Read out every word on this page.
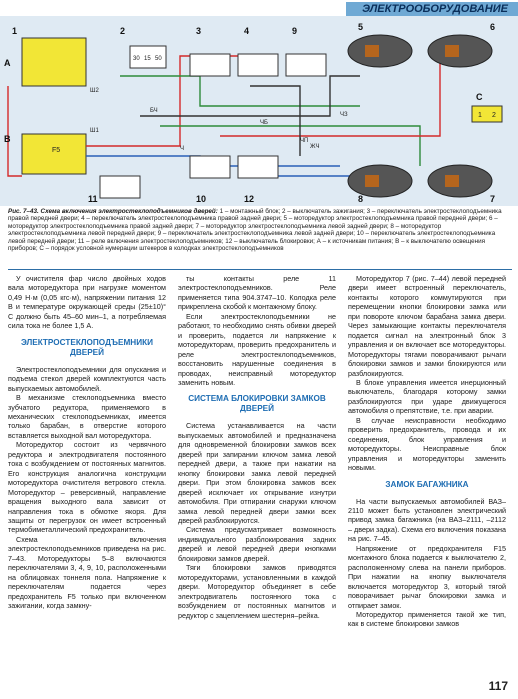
ЭЛЕКТРООБОРУДОВАНИЕ
F5
30 15 50
1 2
1	2	3	4	5	6
7
8
9
10
11	12
A
B
C
Ш1
Ш2
БЧ
ЧБ
ЧП
ЧЗ
ЖЧ
Ч
Рис. 7–43. Схема включения электростеклоподъемников дверей: 1 – монтажный блок; 2 – выключатель зажигания; 3 – переключатель электростеклоподъемника правой передней двери; 4 – переключатель электростеклоподъемника правой задней двери; 5 – мотоpедуктор электростеклоподъемника правой передней двери; 6 – мотоpедуктор электростеклоподъемника правой задней двери; 7 – мотоpедуктор электростеклоподъемника левой задней двери; 8 – мотоpедуктор электростеклоподъемника левой передней двери; 9 – переключатель электростеклоподъемника левой задней двери; 10 – переключатель электростеклоподъемника левой передней двери; 11 – реле включения электростеклоподъемников; 12 – выключатель блокировки; А – к источникам питания; В – к выключателю освещения приборов; С – порядок условной нумерации штекеров в колодках электростеклоподъемников

У очистителя фар число двойных ходов вала моторедуктора при нагрузке моментом 0,49 Н·м (0,05 кгс·м), напряжении питания 12 В и температуре окружающей среды (25±10)° С должно быть 45–60 мин–1, а потребляемая сила тока не более 1,5 А.

ЭЛЕКТРОСТЕКЛОПОДЪЕМНИКИ ДВЕРЕЙ

Электростеклоподъемники для опускания и подъема стекол дверей комплектуются часть выпускаемых автомобилей.

В механизме стеклоподъемника вместо зубчатого редуктора, применяемого в механических стеклоподъемниках, имеется только барабан, в отверстие которого вставляется выходной вал моторедуктора.

Моторедуктор состоит из червячного редуктора и электродвигателя постоянного тока с возбуждением от постоянных магнитов. Его конструкция аналогична конструкции моторедуктора очистителя ветрового стекла. Моторедуктор – реверсивный, направление вращения выходного вала зависит от направления тока в обмотке якоря. Для защиты от перегрузок он имеет встроенный термобиметаллический предохранитель.

Схема включения электростеклоподъемников приведена на рис. 7–43. Моторедукторы 5–8 включаются переключателями 3, 4, 9, 10, расположенными на облицовках тоннеля пола. Напряжение к переключателям подается через предохранитель F5 только при включенном зажигании, когда замкну-

ты контакты реле 11 электростеклоподъемников. Реле применяется типа 904.3747–10. Колодка реле прикреплена скобой к монтажному блоку.

Если электростеклоподъемники не работают, то необходимо снять обивки дверей и проверить, подается ли напряжение к моторедукторам, проверить предохранитель и реле электростеклоподъемников, восстановить нарушенные соединения в проводах, неисправный моторедуктор заменить новым.

СИСТЕМА БЛОКИРОВКИ ЗАМКОВ ДВЕРЕЙ

Система устанавливается на части выпускаемых автомобилей и предназначена для одновременной блокировки замков всех дверей при запирании ключом замка левой передней двери, а также при нажатии на кнопку блокировки замка левой передней двери. При этом блокировка замков всех дверей исключает их открывание изнутри автомобиля. При отпирании снаружи ключом замка левой передней двери замки всех дверей разблокируются.

Система предусматривает возможность индивидуального разблокирования задних дверей и левой передней двери кнопками блокировки замков дверей.

Тяги блокировки замков приводятся моторедукторами, установленными в каждой двери. Моторедуктор объединяет в себе электродвигатель постоянного тока с возбуждением от постоянных магнитов и редуктор с зацеплением шестерня–рейка.

Моторедуктор 7 (рис. 7–44) левой передней двери имеет встроенный переключатель, контакты которого коммутируются при перемещении кнопки блокировки замка или при повороте ключом барабана замка двери. Через замыкающие контакты переключателя подается сигнал на электронный блок 3 управления и он включает все моторедукторы. Моторедукторы тягами поворачивают рычаги блокировки замков и замки блокируются или разблокируются.

В блоке управления имеется инерционный выключатель, благодаря которому замки разблокируются при ударе движущегося автомобиля о препятствие, т.е. при аварии.

В случае неисправности необходимо проверить предохранитель, провода и их соединения, блок управления и моторедукторы. Неисправные блок управления и моторедукторы заменить новыми.

ЗАМОК БАГАЖНИКА

На части выпускаемых автомобилей ВАЗ–2110 может быть установлен электрический привод замка багажника (на ВАЗ–2111, –2112 – двери задка). Схема его включения показана на рис. 7–45.

Напряжение от предохранителя F15 монтажного блока подается к выключателю 2, расположенному слева на панели приборов. При нажатии на кнопку выключателя включается моторедуктор 3, который тягой поворачивает рычаг блокировки замка и отпирает замок.

Моторедуктор применяется такой же тип, как в системе блокировки замков

117
